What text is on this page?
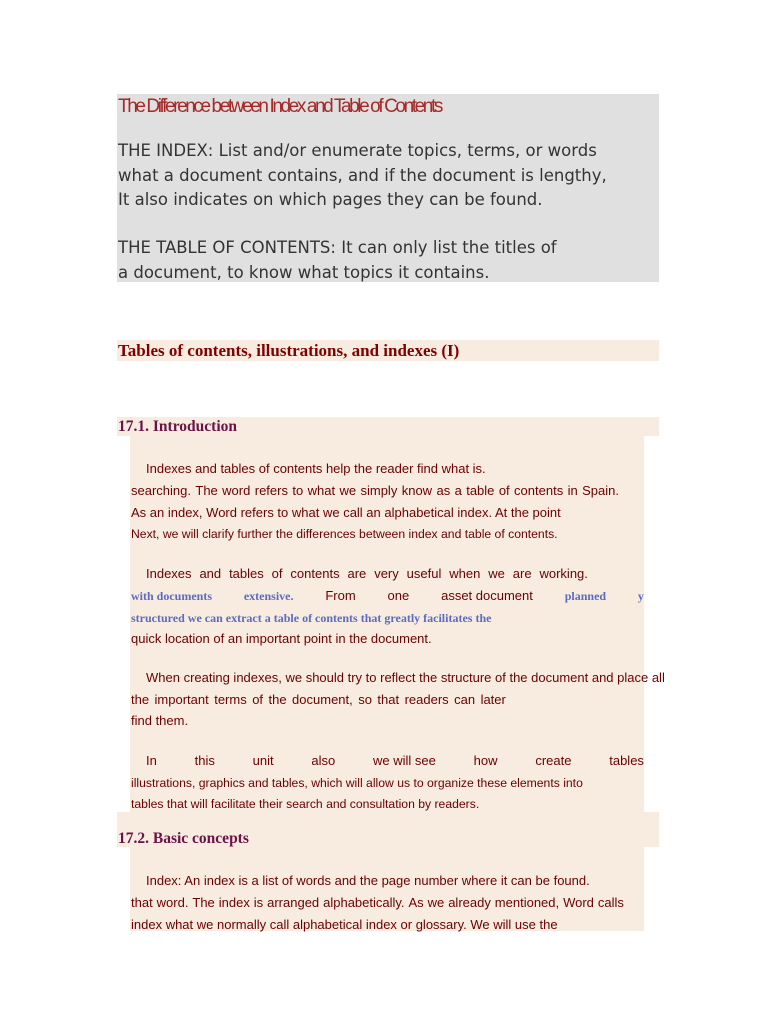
The Difference between Index and Table of Contents
THE INDEX: List and/or enumerate topics, terms, or words
what a document contains, and if the document is lengthy,
It also indicates on which pages they can be found.
THE TABLE OF CONTENTS: It can only list the titles of
a document, to know what topics it contains.
Tables of contents, illustrations, and indexes (I)
17.1. Introduction
Indexes and tables of contents help the reader find what is.
searching. The word refers to what we simply know as a table of contents in Spain.
As an index, Word refers to what we call an alphabetical index. At the point
Next, we will clarify further the differences between index and table of contents.
Indexes and tables of contents are very useful when we are working.
with documents	extensive. From one asset document	planned	y
structured we can extract a table of contents that greatly facilitates the
quick location of an important point in the document.
When creating indexes, we should try to reflect the structure of the document and place all
the important terms of the document, so that readers can later
find them.
In	this	unit	also	we will see	how	create	tables
illustrations, graphics and tables, which will allow us to organize these elements into
tables that will facilitate their search and consultation by readers.
17.2. Basic concepts
Index: An index is a list of words and the page number where it can be found.
that word. The index is arranged alphabetically. As we already mentioned, Word calls
index what we normally call alphabetical index or glossary. We will use the
